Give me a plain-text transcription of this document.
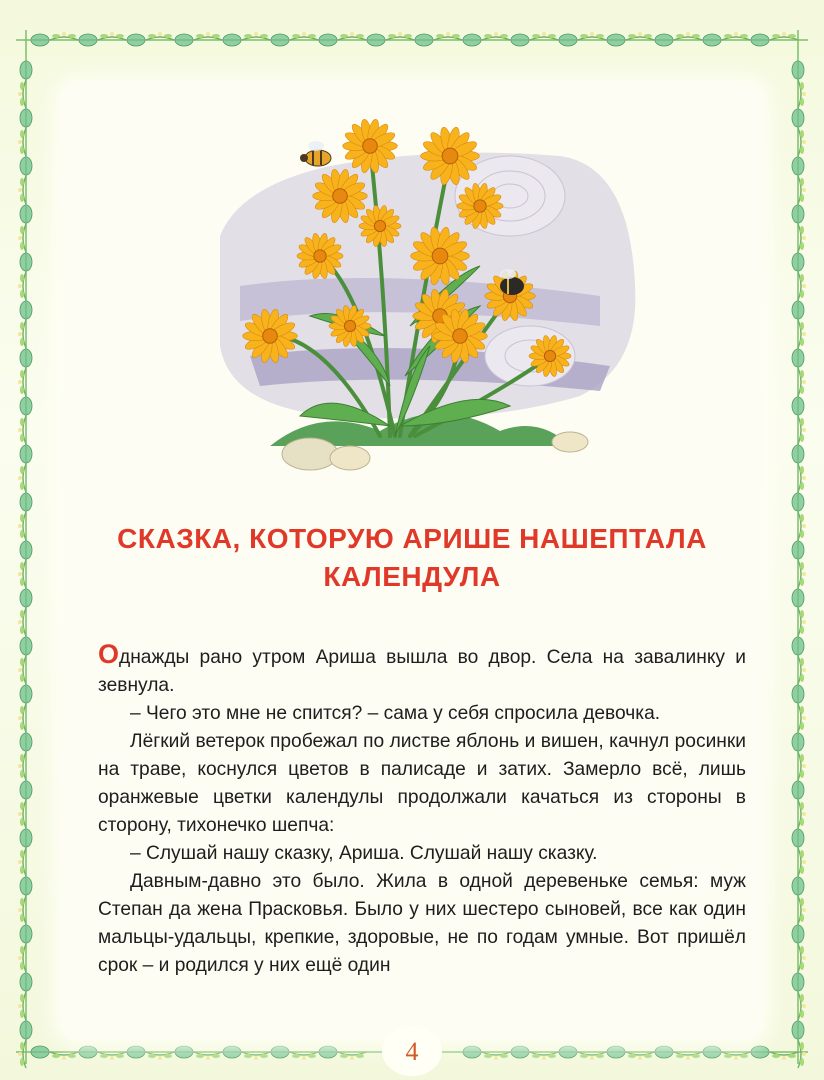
СКАЗКА, КОТОРУЮ АРИШЕ НАШЕПТАЛА
КАЛЕНДУЛА

Однажды рано утром Ариша вышла во двор. Села на завалинку и зевнула.

– Чего это мне не спится? – сама у себя спросила девочка.

Лёгкий ветерок пробежал по листве яблонь и вишен, качнул росинки на траве, коснулся цветов в палисаде и затих. Замерло всё, лишь оранжевые цветки календулы продолжали качаться из стороны в сторону, тихонечко шепча:

– Слушай нашу сказку, Ариша. Слушай нашу сказку.

Давным-давно это было. Жила в одной деревеньке семья: муж Степан да жена Прасковья. Было у них шестеро сыновей, все как один мальцы-удальцы, крепкие, здоровые, не по годам умные. Вот пришёл срок – и родился у них ещё один

4
